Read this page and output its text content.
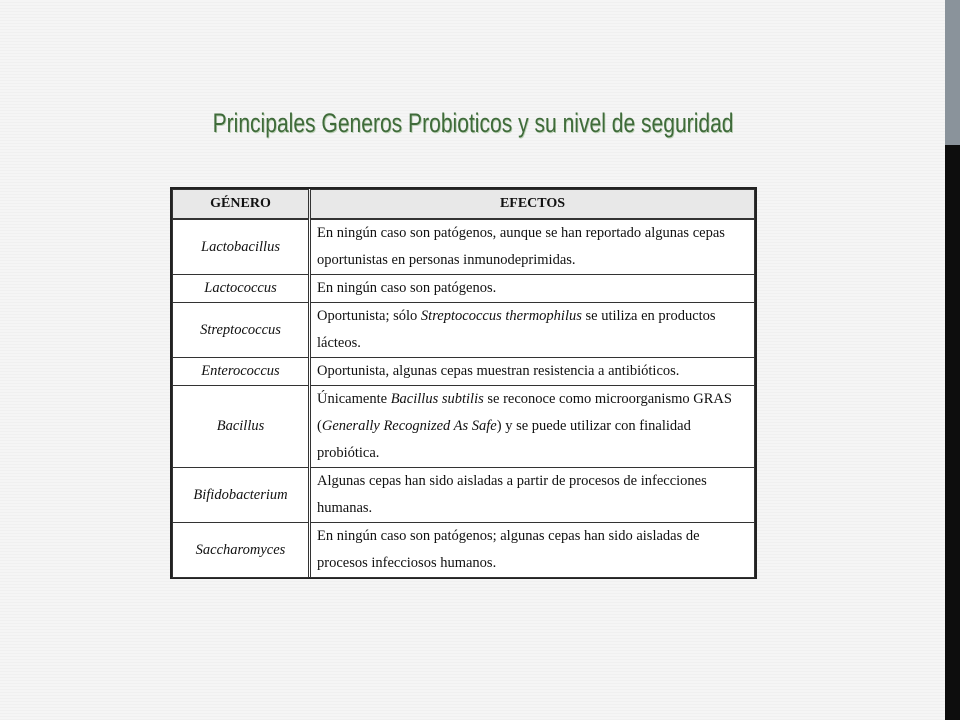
Principales Generos Probioticos y su nivel de seguridad
GÉNERO	EFECTOS
Lactobacillus	En ningún caso son patógenos, aunque se han reportado algunas cepas oportunistas en personas inmunodeprimidas.
Lactococcus	En ningún caso son patógenos.
Streptococcus	Oportunista; sólo Streptococcus thermophilus se utiliza en productos lácteos.
Enterococcus	Oportunista, algunas cepas muestran resistencia a antibióticos.
Bacillus	Únicamente Bacillus subtilis se reconoce como microorganismo GRAS (Generally Recognized As Safe) y se puede utilizar con finalidad probiótica.
Bifidobacterium	Algunas cepas han sido aisladas a partir de procesos de infecciones humanas.
Saccharomyces	En ningún caso son patógenos; algunas cepas han sido aisladas de procesos infecciosos humanos.
